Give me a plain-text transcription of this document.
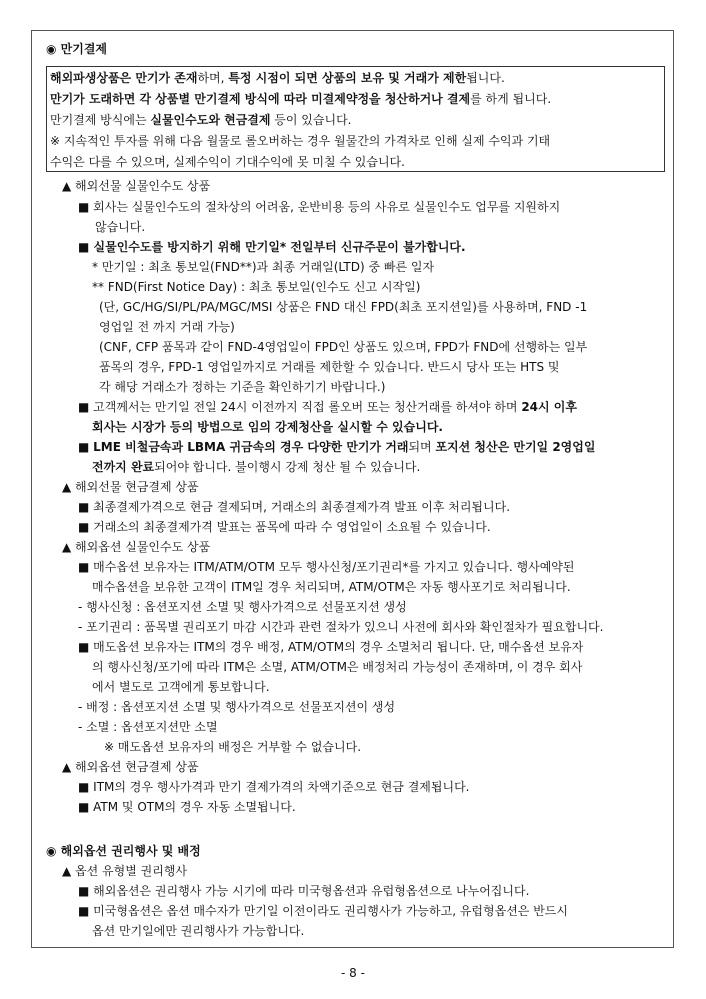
◉ 만기결제
해외파생상품은 만기가 존재하며, 특정 시점이 되면 상품의 보유 및 거래가 제한됩니다.
만기가 도래하면 각 상품별 만기결제 방식에 따라 미결제약정을 청산하거나 결제를 하게 됩니다.
만기결제 방식에는 실물인수도와 현금결제 등이 있습니다.
※ 지속적인 투자를 위해 다음 월물로 롤오버하는 경우 월물간의 가격차로 인해 실제 수익과 기태
수익은 다를 수 있으며, 실제수익이 기대수익에 못 미칠 수 있습니다.
▲ 해외선물 실물인수도 상품
■ 회사는 실물인수도의 절차상의 어려움, 운반비용 등의 사유로 실물인수도 업무를 지원하지
않습니다.
■ 실물인수도를 방지하기 위해 만기일* 전일부터 신규주문이 불가합니다.
* 만기일 : 최초 통보일(FND**)과 최종 거래일(LTD) 중 빠른 일자
** FND(First Notice Day) : 최초 통보일(인수도 신고 시작일)
(단, GC/HG/SI/PL/PA/MGC/MSI 상품은 FND 대신 FPD(최초 포지션일)를 사용하며, FND -1
영업일 전 까지 거래 가능)
(CNF, CFP 품목과 같이 FND-4영업일이 FPD인 상품도 있으며, FPD가 FND에 선행하는 일부
품목의 경우, FPD-1 영업일까지로 거래를 제한할 수 있습니다. 반드시 당사 또는 HTS 및
각 해당 거래소가 정하는 기준을 확인하기기 바랍니다.)
■ 고객께서는 만기일 전일 24시 이전까지 직접 롤오버 또는 청산거래를 하셔야 하며 24시 이후
회사는 시장가 등의 방법으로 임의 강제청산을 실시할 수 있습니다.
■ LME 비철금속과 LBMA 귀금속의 경우 다양한 만기가 거래되며 포지션 청산은 만기일 2영업일
전까지 완료되어야 합니다. 불이행시 강제 청산 될 수 있습니다.
▲ 해외선물 현금결제 상품
■ 최종결제가격으로 현금 결제되며, 거래소의 최종결제가격 발표 이후 처리됩니다.
■ 거래소의 최종결제가격 발표는 품목에 따라 수 영업일이 소요될 수 있습니다.
▲ 해외옵션 실물인수도 상품
■ 매수옵션 보유자는 ITM/ATM/OTM 모두 행사신청/포기권리*를 가지고 있습니다. 행사예약된
매수옵션을 보유한 고객이 ITM일 경우 처리되며, ATM/OTM은 자동 행사포기로 처리됩니다.
- 행사신청 : 옵션포지션 소멸 및 행사가격으로 선물포지션 생성
- 포기권리 : 품목별 권리포기 마감 시간과 관련 절차가 있으니 사전에 회사와 확인절차가 필요합니다.
■ 매도옵션 보유자는 ITM의 경우 배정, ATM/OTM의 경우 소멸처리 됩니다. 단, 매수옵션 보유자
의 행사신청/포기에 따라 ITM은 소멸, ATM/OTM은 배정처리 가능성이 존재하며, 이 경우 회사
에서 별도로 고객에게 통보합니다.
- 배정 : 옵션포지션 소멸 및 행사가격으로 선물포지션이 생성
- 소멸 : 옵션포지션만 소멸
※ 매도옵션 보유자의 배정은 거부할 수 없습니다.
▲ 해외옵션 현금결제 상품
■ ITM의 경우 행사가격과 만기 결제가격의 차액기준으로 현금 결제됩니다.
■ ATM 및 OTM의 경우 자동 소멸됩니다.
◉ 해외옵션 권리행사 및 배정
▲ 옵션 유형별 권리행사
■ 해외옵션은 권리행사 가능 시기에 따라 미국형옵션과 유럽형옵션으로 나누어집니다.
■ 미국형옵션은 옵션 매수자가 만기일 이전이라도 권리행사가 가능하고, 유럽형옵션은 반드시
옵션 만기일에만 권리행사가 가능합니다.
- 8 -
